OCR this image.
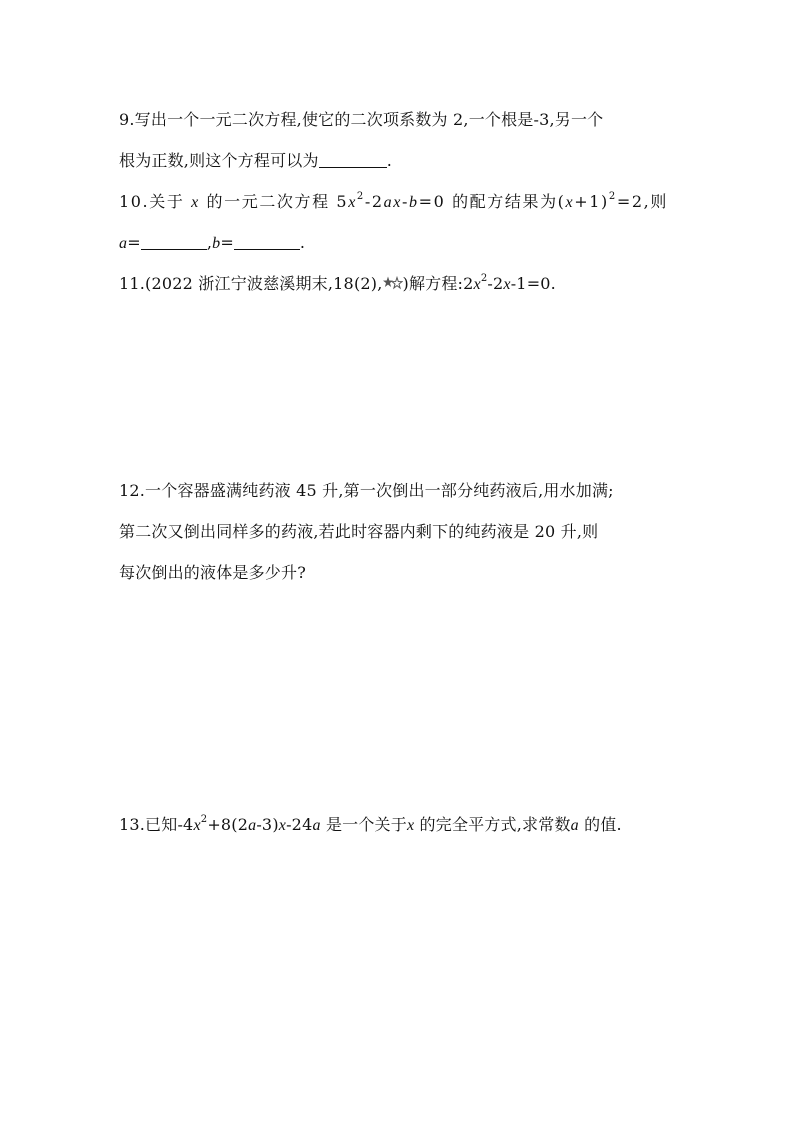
9.写出一个一元二次方程,使它的二次项系数为 2,一个根是-3,另一个
根为正数,则这个方程可以为	.
10.关于 x 的一元二次方程 $5x^2-2ax-b=0$ 的配方结果为$(x+1)^2=2$,则
a=	,b=	.
11.(2022 浙江宁波慈溪期末,18(2), )解方程$:2x^2-2x-1=0$.
12.一个容器盛满纯药液 45 升,第一次倒出一部分纯药液后,用水加满;
第二次又倒出同样多的药液,若此时容器内剩下的纯药液是 20 升,则
每次倒出的液体是多少升?
13.已知$-4x^2+8(2a-3)x-24a$ 是一个关于x 的完全平方式,求常数a 的值.
